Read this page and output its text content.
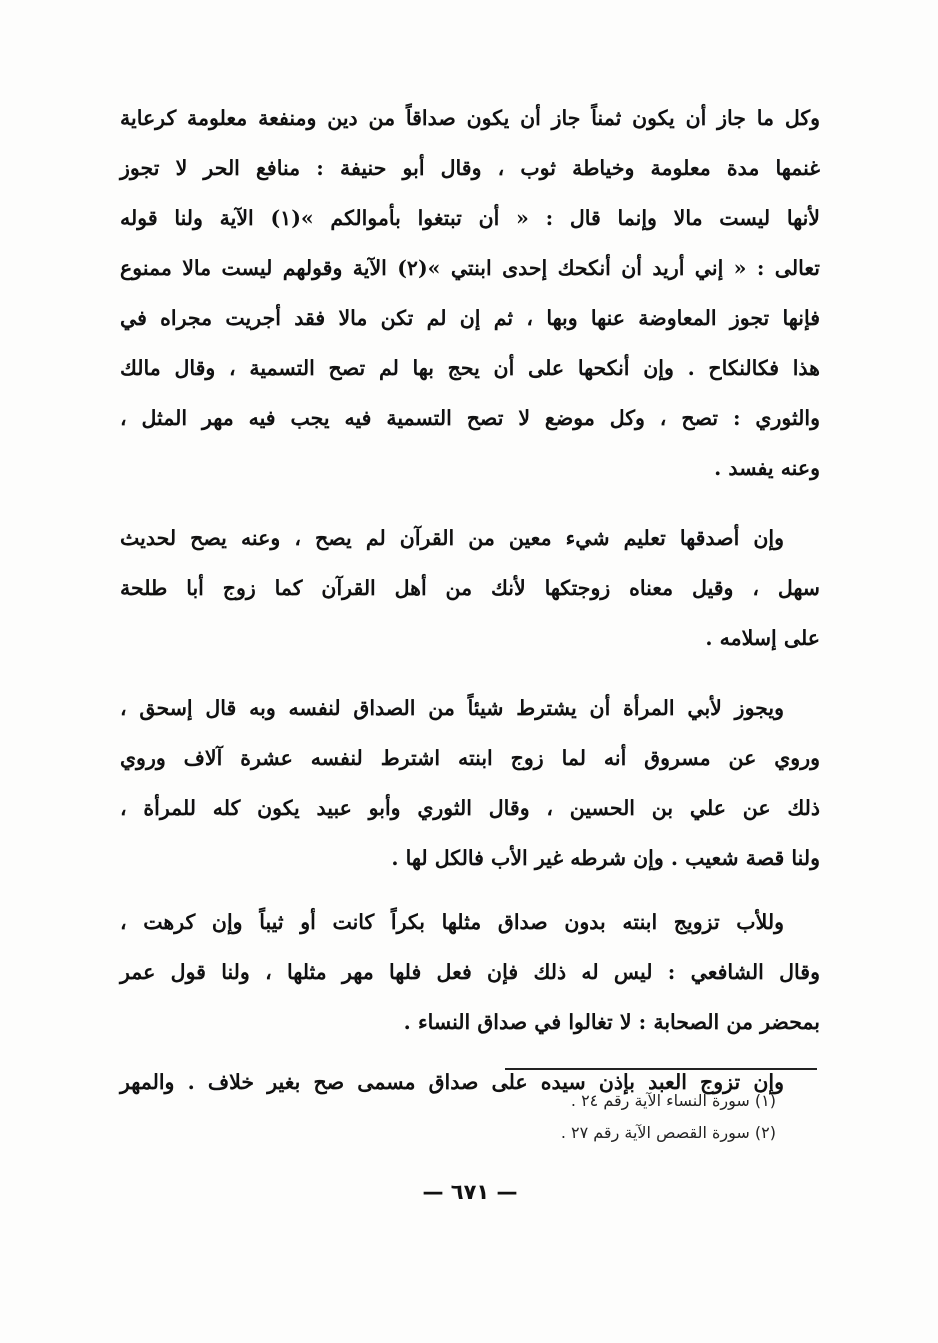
وكل ما جاز أن يكون ثمناً جاز أن يكون صداقاً من دين ومنفعة معلومة كرعاية
غنمها مدة معلومة وخياطة ثوب ، وقال أبو حنيفة : منافع الحر لا تجوز
لأنها ليست مالا وإنما قال : « أن تبتغوا بأموالكم »(١) الآية ولنا قوله
تعالى : « إني أريد أن أنكحك إحدى ابنتي »(٢) الآية وقولهم ليست مالا ممنوع
فإنها تجوز المعاوضة عنها وبها ، ثم إن لم تكن مالا فقد أجريت مجراه في
هذا فكالنكاح . وإن أنكحها على أن يحج بها لم تصح التسمية ، وقال مالك
والثوري : تصح ، وكل موضع لا تصح التسمية فيه يجب فيه مهر المثل ،
وعنه يفسد .
وإن أصدقها تعليم شيء معين من القرآن لم يصح ، وعنه يصح لحديث
سهل ، وقيل معناه زوجتكها لأنك من أهل القرآن كما زوج أبا طلحة
على إسلامه .
ويجوز لأبي المرأة أن يشترط شيئاً من الصداق لنفسه وبه قال إسحق ،
وروي عن مسروق أنه لما زوج ابنته اشترط لنفسه عشرة آلاف وروي
ذلك عن علي بن الحسين ، وقال الثوري وأبو عبيد يكون كله للمرأة ،
ولنا قصة شعيب . وإن شرطه غير الأب فالكل لها .
وللأب تزويج ابنته بدون صداق مثلها بكراً كانت أو ثيباً وإن كرهت ،
وقال الشافعي : ليس له ذلك فإن فعل فلها مهر مثلها ، ولنا قول عمر
بمحضر من الصحابة : لا تغالوا في صداق النساء .
وإن تزوج العبد بإذن سيده على صداق مسمى صح بغير خلاف . والمهر
(١) سورة النساء الآية رقم ٢٤ .
(٢) سورة القصص الآية رقم ٢٧ .
— ٦٧١ —
